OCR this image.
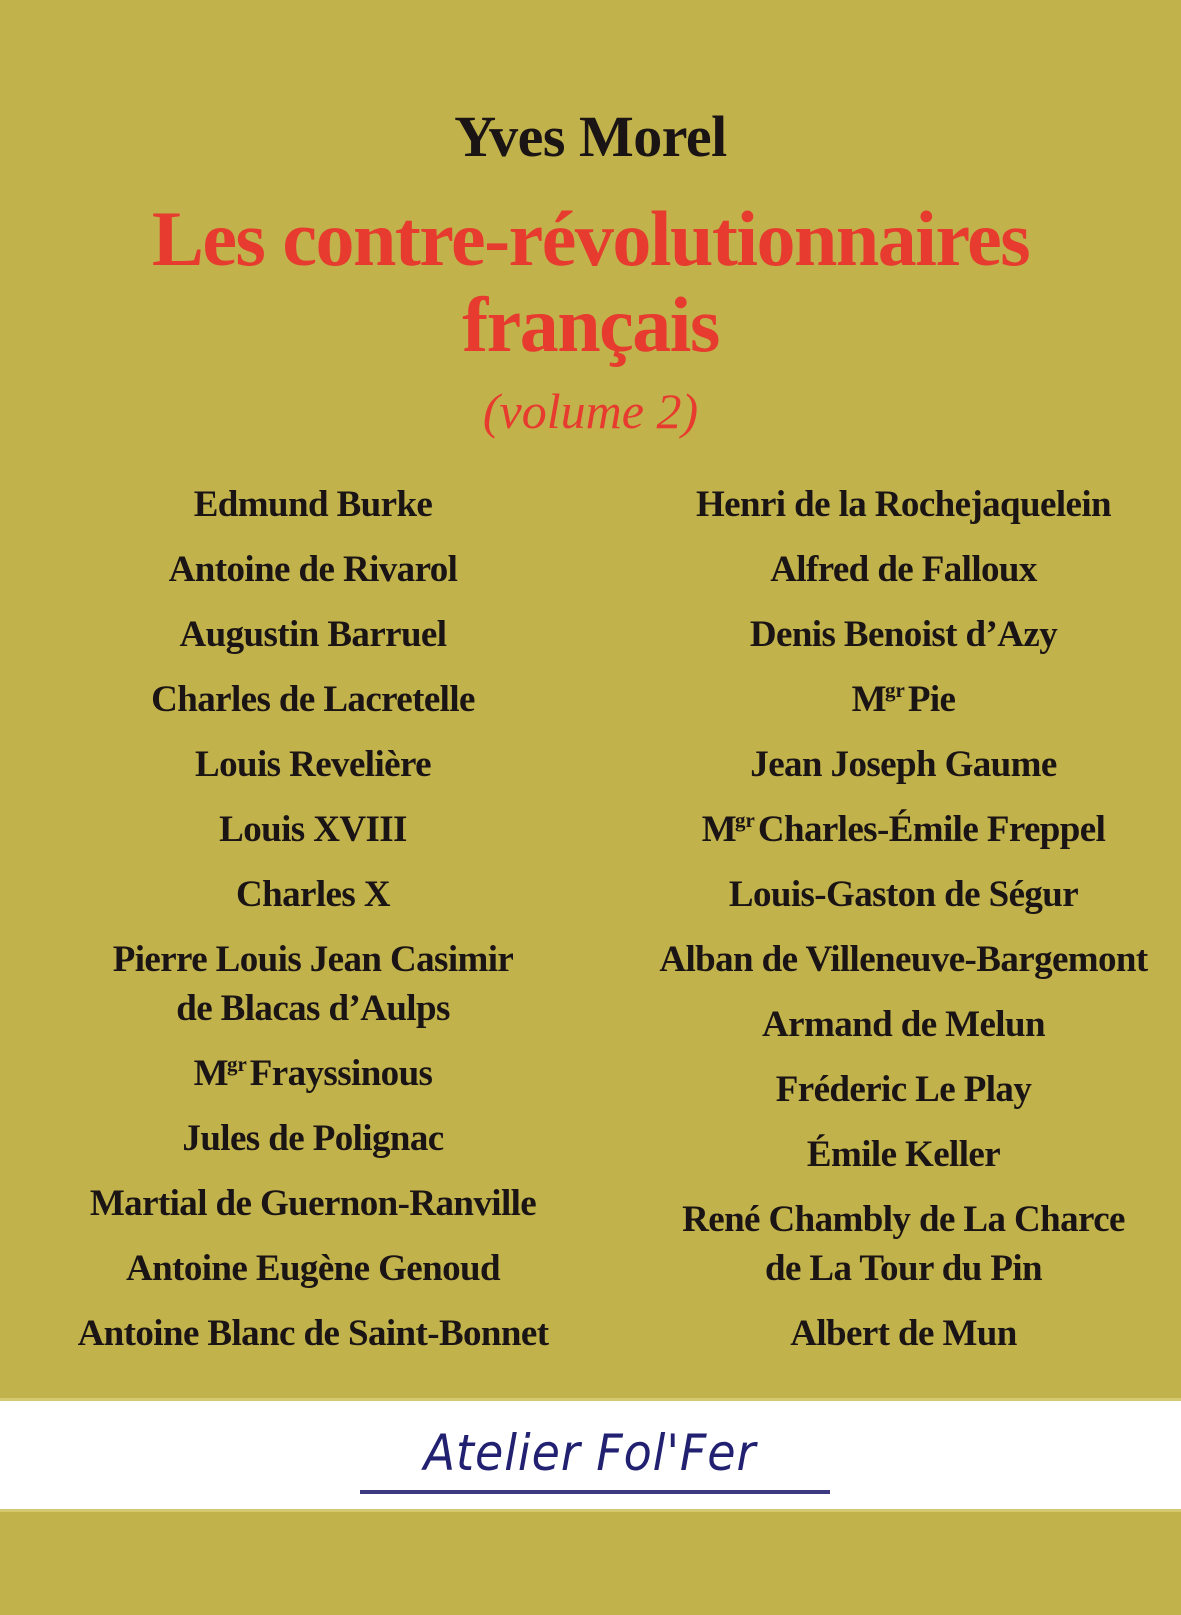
Yves Morel
Les contre-révolutionnaires
français
(volume 2)
Edmund Burke
Antoine de Rivarol
Augustin Barruel
Charles de Lacretelle
Louis Revelière
Louis XVIII
Charles X
Pierre Louis Jean Casimir
de Blacas d’Aulps
$M^{gr}Frayssinous$
Jules de Polignac
Martial de Guernon-Ranville
Antoine Eugène Genoud
Antoine Blanc de Saint-Bonnet
Henri de la Rochejaquelein
Alfred de Falloux
Denis Benoist d’Azy
$M^{gr}Pie$
Jean Joseph Gaume
$M^{gr}Charles$-Émile Freppel
Louis-Gaston de Ségur
Alban de Villeneuve-Bargemont
Armand de Melun
Fréderic Le Play
Émile Keller
René Chambly de La Charce
de La Tour du Pin
Albert de Mun
Atelier Fol'Fer
